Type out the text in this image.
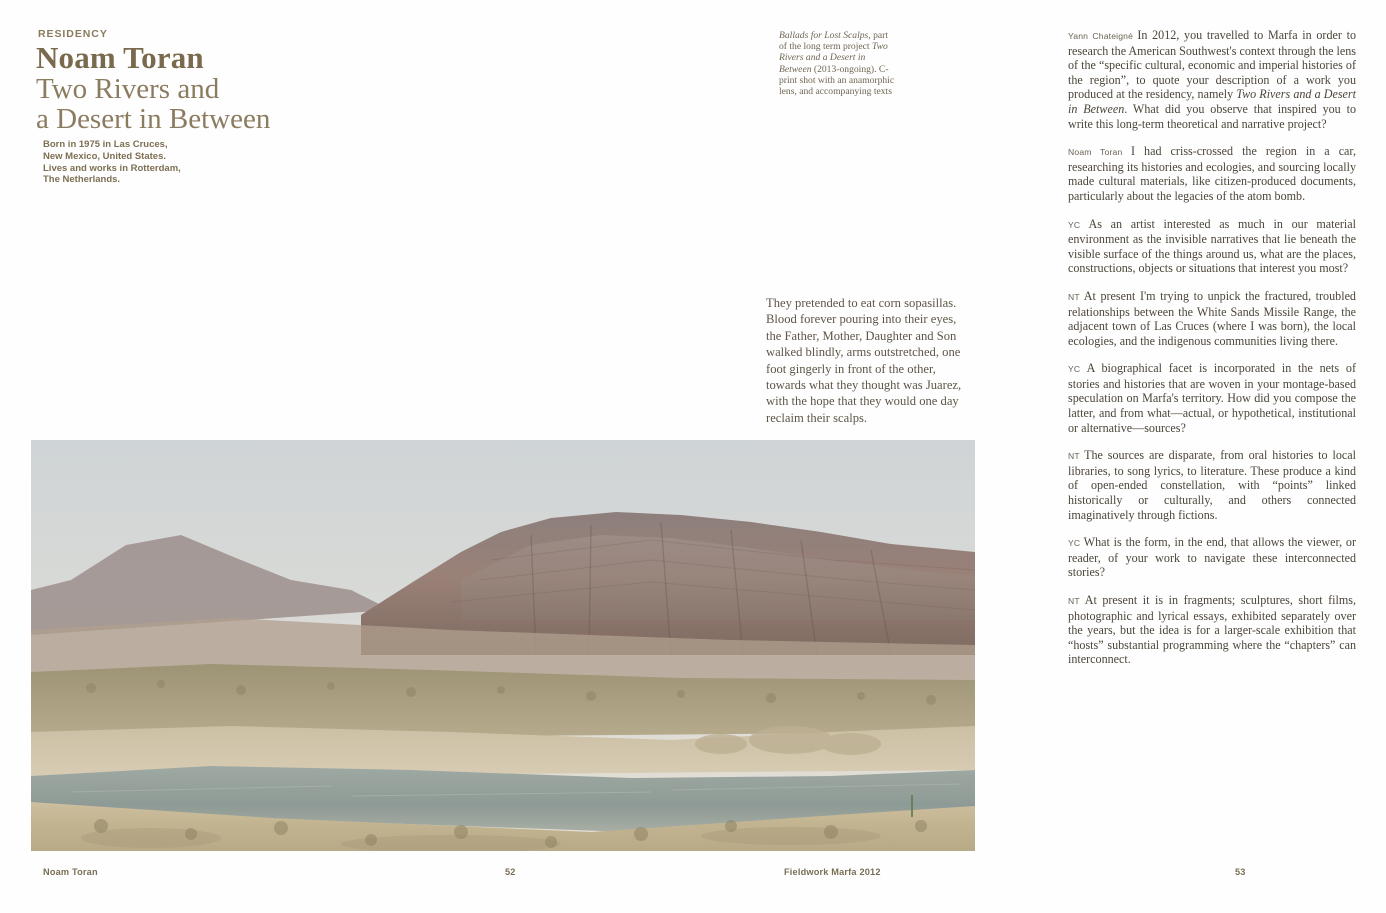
RESIDENCY
Noam Toran
Two Rivers and
a Desert in Between
Born in 1975 in Las Cruces,
New Mexico, United States.
Lives and works in Rotterdam,
The Netherlands.
Ballads for Lost Scalps, part of the long term project Two Rivers and a Desert in Between (2013-ongoing). C-print shot with an anamorphic lens, and accompanying texts
They pretended to eat corn sopasillas. Blood forever pouring into their eyes, the Father, Mother, Daughter and Son walked blindly, arms outstretched, one foot gingerly in front of the other, towards what they thought was Juarez, with the hope that they would one day reclaim their scalps.

Yann Chateigné In 2012, you travelled to Marfa in order to research the American Southwest's context through the lens of the “specific cultural, economic and imperial histories of the region”, to quote your description of a work you produced at the residency, namely Two Rivers and a Desert in Between. What did you observe that inspired you to write this long-term theoretical and narrative project?

Noam Toran I had criss-crossed the region in a car, researching its histories and ecologies, and sourcing locally made cultural materials, like citizen-produced documents, particularly about the legacies of the atom bomb.

YC As an artist interested as much in our material environment as the invisible narratives that lie beneath the visible surface of the things around us, what are the places, constructions, objects or situations that interest you most?

NT At present I'm trying to unpick the fractured, troubled relationships between the White Sands Missile Range, the adjacent town of Las Cruces (where I was born), the local ecologies, and the indigenous communities living there.

YC A biographical facet is incorporated in the nets of stories and histories that are woven in your montage-based speculation on Marfa's territory. How did you compose the latter, and from what—actual, or hypothetical, institutional or alternative—sources?

NT The sources are disparate, from oral histories to local libraries, to song lyrics, to literature. These produce a kind of open-ended constellation, with “points” linked historically or culturally, and others connected imaginatively through fictions.

YC What is the form, in the end, that allows the viewer, or reader, of your work to navigate these interconnected stories?

NT At present it is in fragments; sculptures, short films, photographic and lyrical essays, exhibited separately over the years, but the idea is for a larger-scale exhibition that “hosts” substantial programming where the “chapters” can interconnect.

Noam Toran	52	Fieldwork Marfa 2012	53
